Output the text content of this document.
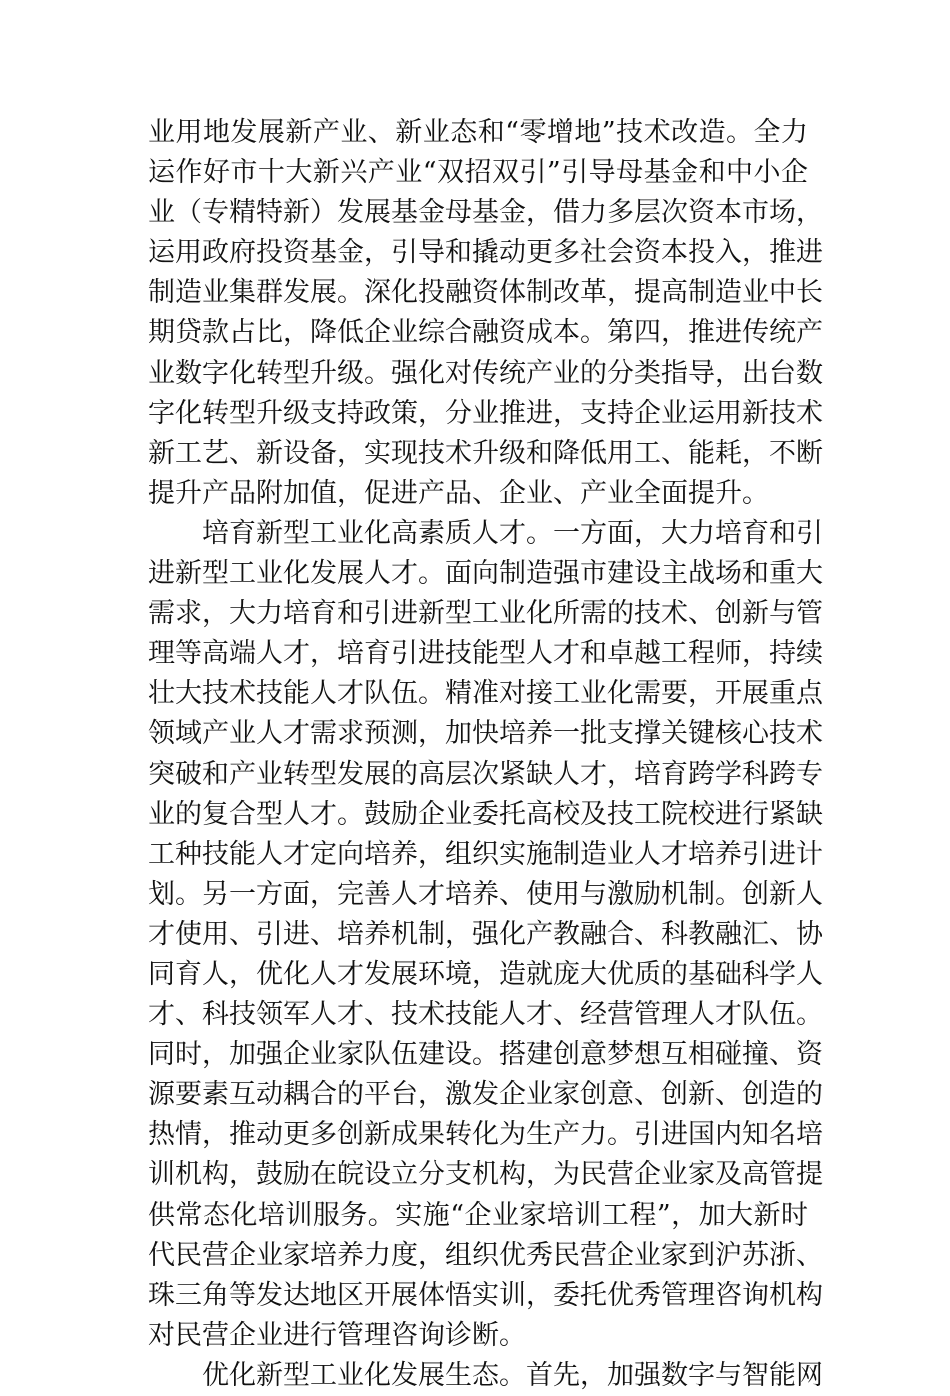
业用地发展新产业、新业态和“零增地”技术改造。全力
运作好市十大新兴产业“双招双引”引导母基金和中小企
业（专精特新）发展基金母基金，借力多层次资本市场，
运用政府投资基金，引导和撬动更多社会资本投入，推进
制造业集群发展。深化投融资体制改革，提高制造业中长
期贷款占比，降低企业综合融资成本。第四，推进传统产
业数字化转型升级。强化对传统产业的分类指导，出台数
字化转型升级支持政策，分业推进，支持企业运用新技术
新工艺、新设备，实现技术升级和降低用工、能耗，不断
提升产品附加值，促进产品、企业、产业全面提升。
培育新型工业化高素质人才。一方面，大力培育和引
进新型工业化发展人才。面向制造强市建设主战场和重大
需求，大力培育和引进新型工业化所需的技术、创新与管
理等高端人才，培育引进技能型人才和卓越工程师，持续
壮大技术技能人才队伍。精准对接工业化需要，开展重点
领域产业人才需求预测，加快培养一批支撑关键核心技术
突破和产业转型发展的高层次紧缺人才，培育跨学科跨专
业的复合型人才。鼓励企业委托高校及技工院校进行紧缺
工种技能人才定向培养，组织实施制造业人才培养引进计
划。另一方面，完善人才培养、使用与激励机制。创新人
才使用、引进、培养机制，强化产教融合、科教融汇、协
同育人，优化人才发展环境，造就庞大优质的基础科学人
才、科技领军人才、技术技能人才、经营管理人才队伍。
同时，加强企业家队伍建设。搭建创意梦想互相碰撞、资
源要素互动耦合的平台，激发企业家创意、创新、创造的
热情，推动更多创新成果转化为生产力。引进国内知名培
训机构，鼓励在皖设立分支机构，为民营企业家及高管提
供常态化培训服务。实施“企业家培训工程”，加大新时
代民营企业家培养力度，组织优秀民营企业家到沪苏浙、
珠三角等发达地区开展体悟实训，委托优秀管理咨询机构
对民营企业进行管理咨询诊断。
优化新型工业化发展生态。首先，加强数字与智能网
